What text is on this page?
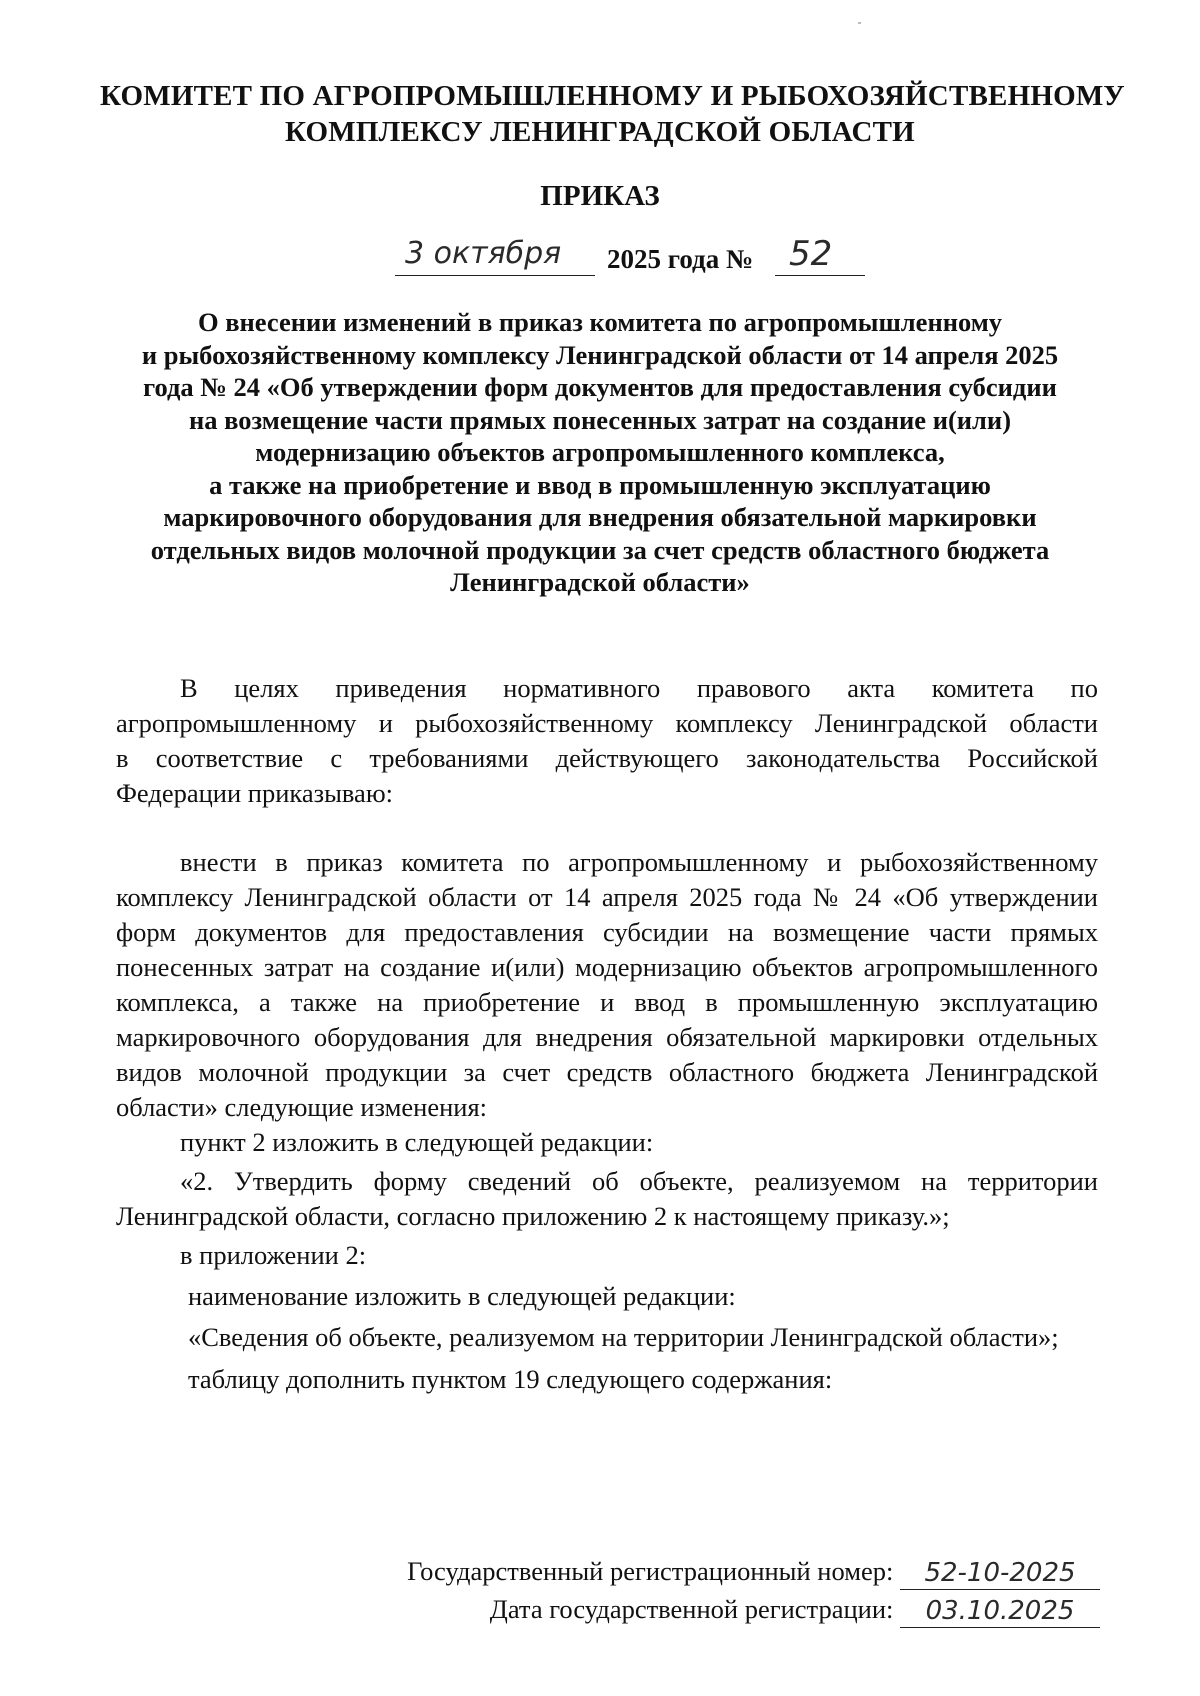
КОМИТЕТ ПО АГРОПРОМЫШЛЕННОМУ И РЫБОХОЗЯЙСТВЕННОМУ
КОМПЛЕКСУ ЛЕНИНГРАДСКОЙ ОБЛАСТИ
ПРИКАЗ
3 октября	2025 года №	52
О внесении изменений в приказ комитета по агропромышленному
и рыбохозяйственному комплексу Ленинградской области от 14 апреля 2025
года № 24 «Об утверждении форм документов для предоставления субсидии
на возмещение части прямых понесенных затрат на создание и(или)
модернизацию объектов агропромышленного комплекса,
а также на приобретение и ввод в промышленную эксплуатацию
маркировочного оборудования для внедрения обязательной маркировки
отдельных видов молочной продукции за счет средств областного бюджета
Ленинградской области»
В целях приведения нормативного правового акта комитета по
агропромышленному и рыбохозяйственному комплексу Ленинградской области
в соответствие с требованиями действующего законодательства Российской
Федерации приказываю:
внести в приказ комитета по агропромышленному и рыбохозяйственному
комплексу Ленинградской области от 14 апреля 2025 года № 24 «Об утверждении
форм документов для предоставления субсидии на возмещение части прямых
понесенных затрат на создание и(или) модернизацию объектов агропромышленного
комплекса, а также на приобретение и ввод в промышленную эксплуатацию
маркировочного оборудования для внедрения обязательной маркировки отдельных
видов молочной продукции за счет средств областного бюджета Ленинградской
области» следующие изменения:
пункт 2 изложить в следующей редакции:
«2. Утвердить форму сведений об объекте, реализуемом на территории
Ленинградской области, согласно приложению 2 к настоящему приказу.»;
в приложении 2:
наименование изложить в следующей редакции:
«Сведения об объекте, реализуемом на территории Ленинградской области»;
таблицу дополнить пунктом 19 следующего содержания:
Государственный регистрационный номер: 52-10-2025
Дата государственной регистрации: 03.10.2025
